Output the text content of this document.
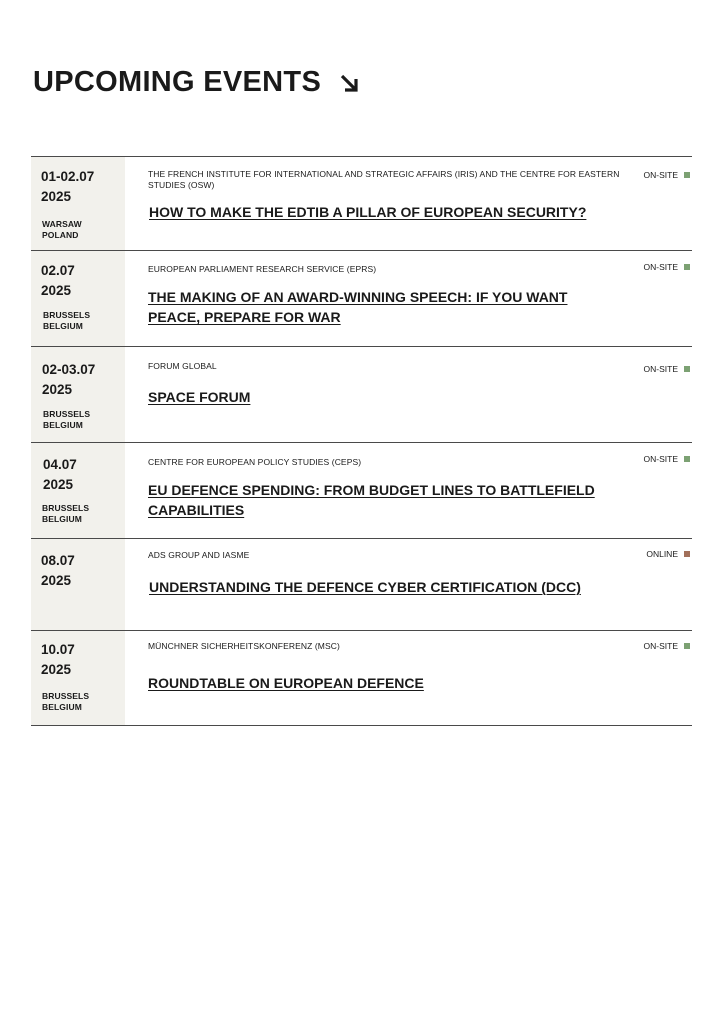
UPCOMING EVENTS
01-02.07
2025
WARSAW
POLAND
THE FRENCH INSTITUTE FOR INTERNATIONAL AND STRATEGIC AFFAIRS (IRIS) AND THE CENTRE FOR EASTERN STUDIES (OSW)
HOW TO MAKE THE EDTIB A PILLAR OF EUROPEAN SECURITY?
ON-SITE
02.07
2025
BRUSSELS
BELGIUM
EUROPEAN PARLIAMENT RESEARCH SERVICE (EPRS)
THE MAKING OF AN AWARD-WINNING SPEECH: IF YOU WANT PEACE, PREPARE FOR WAR
ON-SITE
02-03.07
2025
BRUSSELS
BELGIUM
FORUM GLOBAL
SPACE FORUM
ON-SITE
04.07
2025
BRUSSELS
BELGIUM
CENTRE FOR EUROPEAN POLICY STUDIES (CEPS)
EU DEFENCE SPENDING: FROM BUDGET LINES TO BATTLEFIELD CAPABILITIES
ON-SITE
08.07
2025
ADS GROUP AND IASME
UNDERSTANDING THE DEFENCE CYBER CERTIFICATION (DCC)
ONLINE
10.07
2025
BRUSSELS
BELGIUM
MÜNCHNER SICHERHEITSKONFERENZ (MSC)
ROUNDTABLE ON EUROPEAN DEFENCE
ON-SITE
